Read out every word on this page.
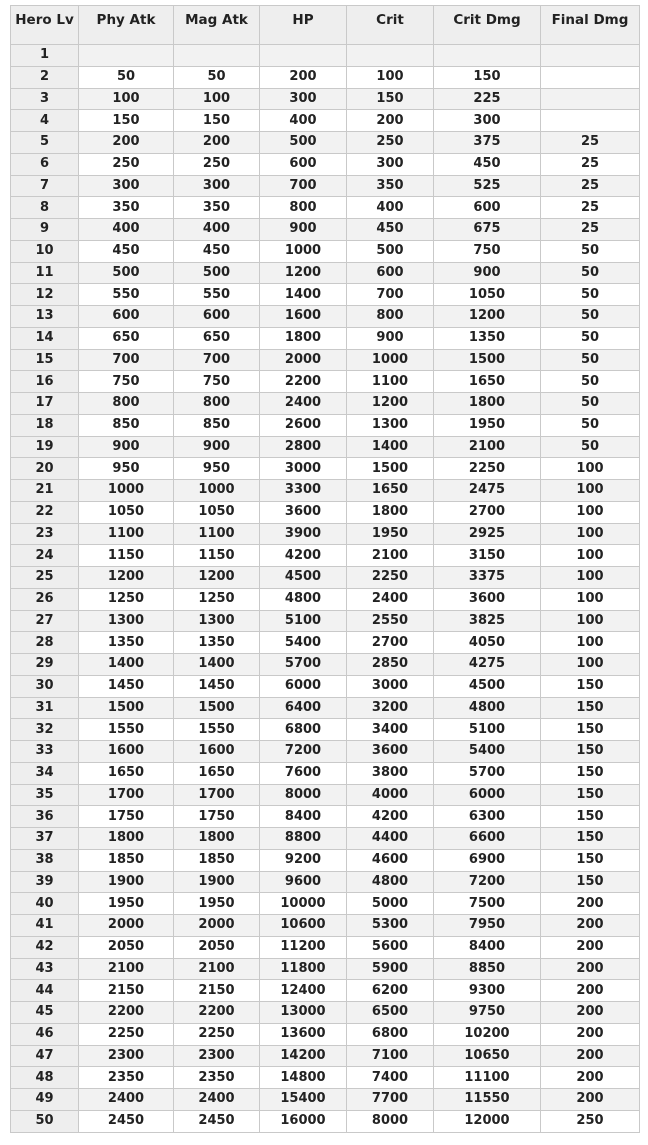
Hero Lv	Phy Atk	Mag Atk	HP	Crit	Crit Dmg	Final Dmg
1						
2	50	50	200	100	150	
3	100	100	300	150	225	
4	150	150	400	200	300	
5	200	200	500	250	375	25
6	250	250	600	300	450	25
7	300	300	700	350	525	25
8	350	350	800	400	600	25
9	400	400	900	450	675	25
10	450	450	1000	500	750	50
11	500	500	1200	600	900	50
12	550	550	1400	700	1050	50
13	600	600	1600	800	1200	50
14	650	650	1800	900	1350	50
15	700	700	2000	1000	1500	50
16	750	750	2200	1100	1650	50
17	800	800	2400	1200	1800	50
18	850	850	2600	1300	1950	50
19	900	900	2800	1400	2100	50
20	950	950	3000	1500	2250	100
21	1000	1000	3300	1650	2475	100
22	1050	1050	3600	1800	2700	100
23	1100	1100	3900	1950	2925	100
24	1150	1150	4200	2100	3150	100
25	1200	1200	4500	2250	3375	100
26	1250	1250	4800	2400	3600	100
27	1300	1300	5100	2550	3825	100
28	1350	1350	5400	2700	4050	100
29	1400	1400	5700	2850	4275	100
30	1450	1450	6000	3000	4500	150
31	1500	1500	6400	3200	4800	150
32	1550	1550	6800	3400	5100	150
33	1600	1600	7200	3600	5400	150
34	1650	1650	7600	3800	5700	150
35	1700	1700	8000	4000	6000	150
36	1750	1750	8400	4200	6300	150
37	1800	1800	8800	4400	6600	150
38	1850	1850	9200	4600	6900	150
39	1900	1900	9600	4800	7200	150
40	1950	1950	10000	5000	7500	200
41	2000	2000	10600	5300	7950	200
42	2050	2050	11200	5600	8400	200
43	2100	2100	11800	5900	8850	200
44	2150	2150	12400	6200	9300	200
45	2200	2200	13000	6500	9750	200
46	2250	2250	13600	6800	10200	200
47	2300	2300	14200	7100	10650	200
48	2350	2350	14800	7400	11100	200
49	2400	2400	15400	7700	11550	200
50	2450	2450	16000	8000	12000	250
